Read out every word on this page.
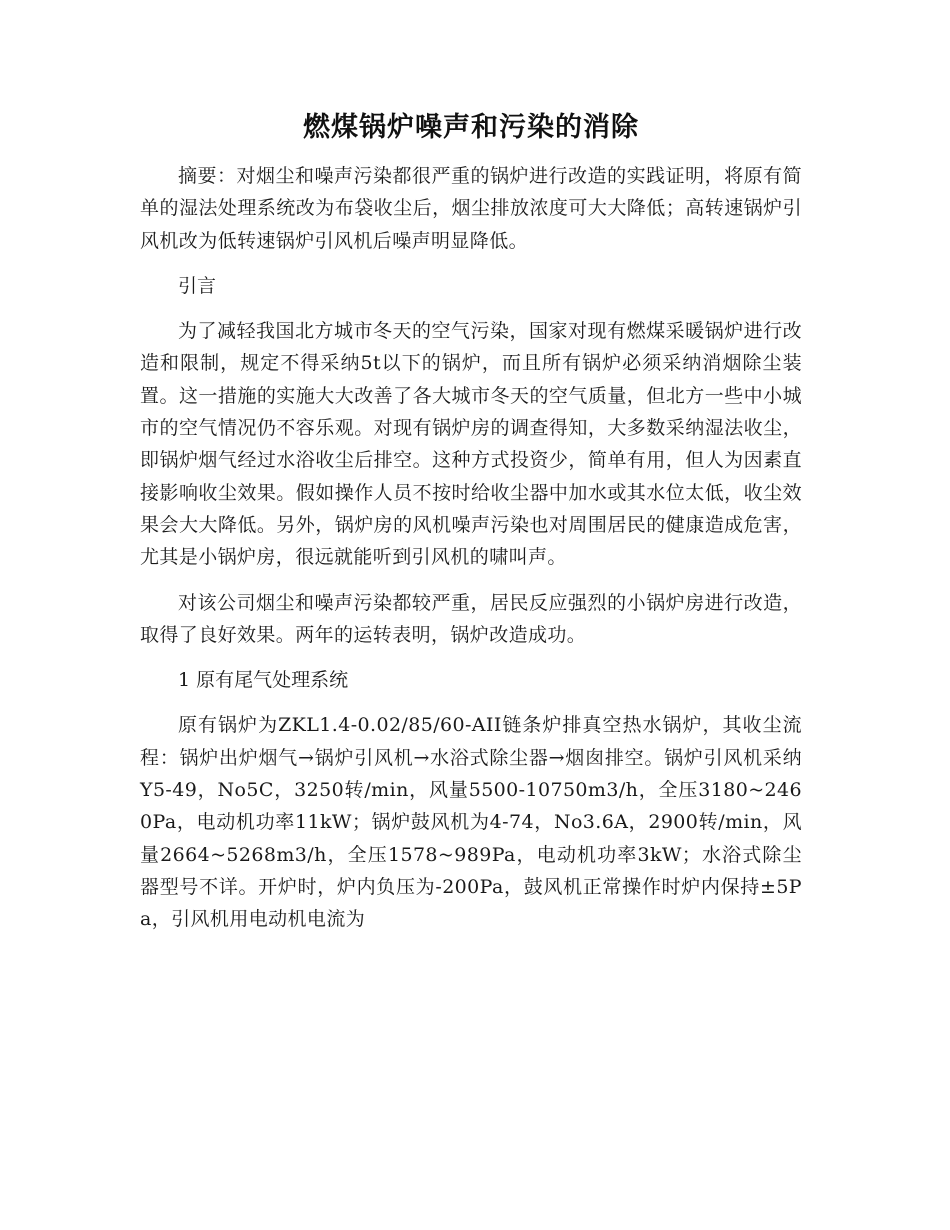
燃煤锅炉噪声和污染的消除

摘要：对烟尘和噪声污染都很严重的锅炉进行改造的实践证明，将原有简单的湿法处理系统改为布袋收尘后，烟尘排放浓度可大大降低；高转速锅炉引风机改为低转速锅炉引风机后噪声明显降低。

引言

为了减轻我国北方城市冬天的空气污染，国家对现有燃煤采暖锅炉进行改造和限制，规定不得采纳5t以下的锅炉，而且所有锅炉必须采纳消烟除尘装置。这一措施的实施大大改善了各大城市冬天的空气质量，但北方一些中小城市的空气情况仍不容乐观。对现有锅炉房的调查得知，大多数采纳湿法收尘，即锅炉烟气经过水浴收尘后排空。这种方式投资少，简单有用，但人为因素直接影响收尘效果。假如操作人员不按时给收尘器中加水或其水位太低，收尘效果会大大降低。另外，锅炉房的风机噪声污染也对周围居民的健康造成危害，尤其是小锅炉房，很远就能听到引风机的啸叫声。

对该公司烟尘和噪声污染都较严重，居民反应强烈的小锅炉房进行改造，取得了良好效果。两年的运转表明，锅炉改造成功。

1 原有尾气处理系统

原有锅炉为ZKL1.4-0.02/85/60-AII链条炉排真空热水锅炉，其收尘流程：锅炉出炉烟气→锅炉引风机→水浴式除尘器→烟囱排空。锅炉引风机采纳Y5-49，No5C，3250转/min，风量5500-10750m3/h，全压3180~2460Pa，电动机功率11kW；锅炉鼓风机为4-74，No3.6A，2900转/min，风量2664~5268m3/h，全压1578~989Pa，电动机功率3kW；水浴式除尘器型号不详。开炉时，炉内负压为-200Pa，鼓风机正常操作时炉内保持±5Pa，引风机用电动机电流为
